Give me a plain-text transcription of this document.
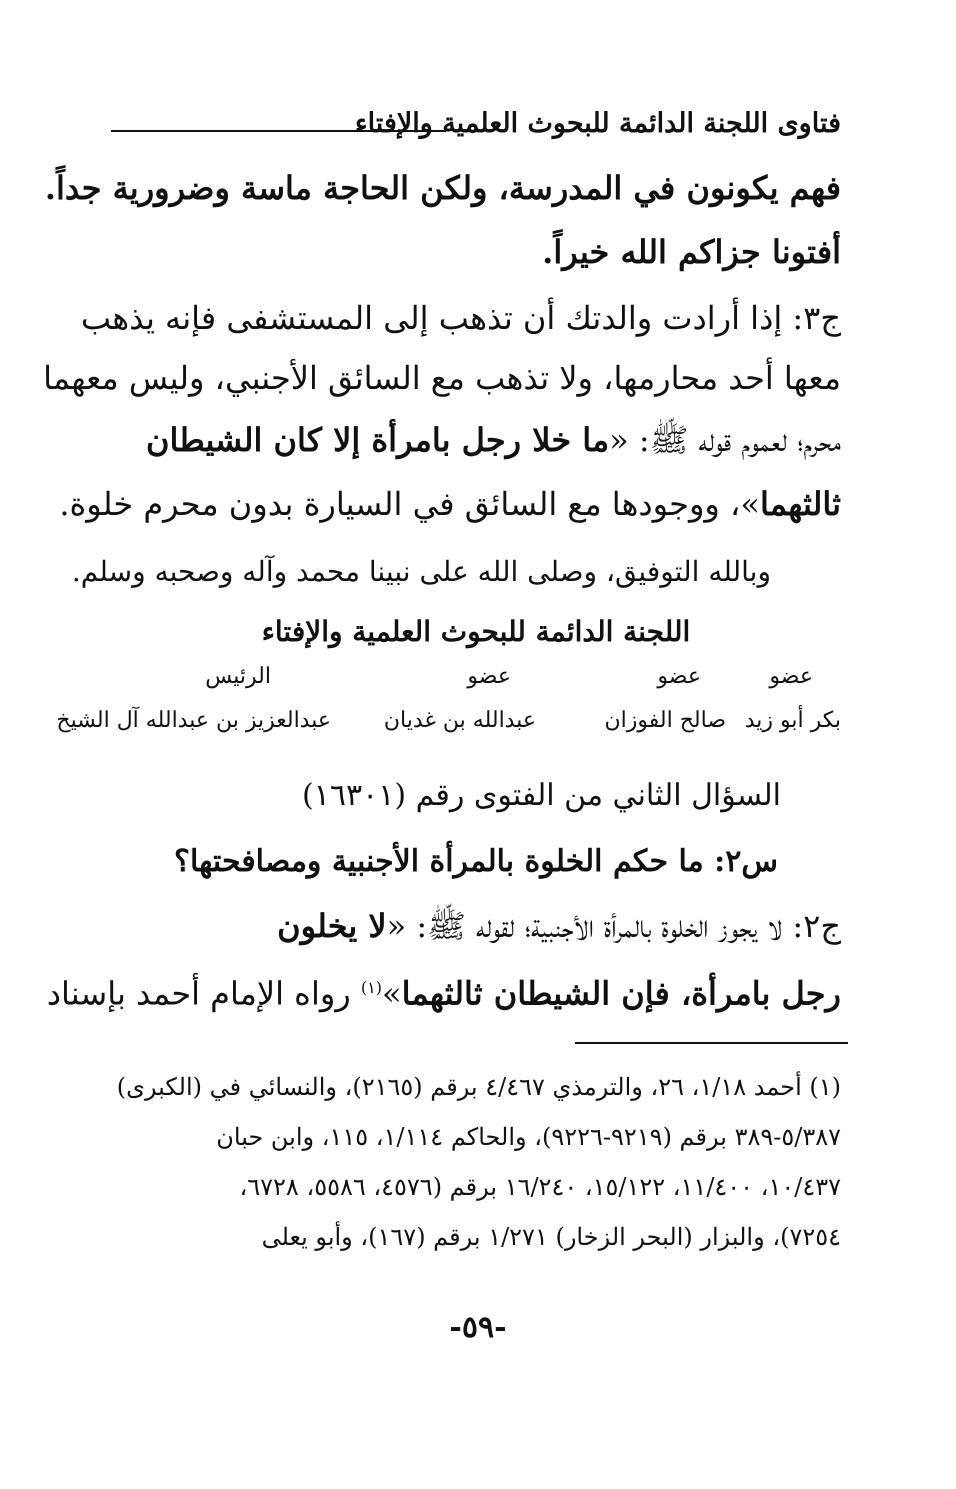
فتاوى اللجنة الدائمة للبحوث العلمية والإفتاء
فهم يكونون في المدرسة، ولكن الحاجة ماسة وضرورية جداً.
أفتونا جزاكم الله خيراً.
ج٣: إذا أرادت والدتك أن تذهب إلى المستشفى فإنه يذهب
معها أحد محارمها، ولا تذهب مع السائق الأجنبي، وليس معهما
محرم؛ لعموم قوله ﷺ: «ما خلا رجل بامرأة إلا كان الشيطان
ثالثهما»، ووجودها مع السائق في السيارة بدون محرم خلوة.
وبالله التوفيق، وصلى الله على نبينا محمد وآله وصحبه وسلم.
اللجنة الدائمة للبحوث العلمية والإفتاء
عضو
عضو
عضو
الرئيس
بكر أبو زيد
صالح الفوزان
عبدالله بن غديان
عبدالعزيز بن عبدالله آل الشيخ
السؤال الثاني من الفتوى رقم (١٦٣٠١)
س٢: ما حكم الخلوة بالمرأة الأجنبية ومصافحتها؟
ج٢: لا يجوز الخلوة بالمرأة الأجنبية؛ لقوله ﷺ: «لا يخلون
رجل بامرأة، فإن الشيطان ثالثهما»$^{(١)}$ رواه الإمام أحمد بإسناد
(١) أحمد ١/١٨، ٢٦، والترمذي ٤/٤٦٧ برقم (٢١٦٥)، والنسائي في (الكبرى)
٥/٣٨٧-٣٨٩ برقم (٩٢١٩-٩٢٢٦)، والحاكم ١/١١٤، ١١٥، وابن حبان
١٠/٤٣٧، ١١/٤٠٠، ١٥/١٢٢، ١٦/٢٤٠ برقم (٤٥٧٦، ٥٥٨٦، ٦٧٢٨،
٧٢٥٤)، والبزار (البحر الزخار) ١/٢٧١ برقم (١٦٧)، وأبو يعلى
-٥٩-
